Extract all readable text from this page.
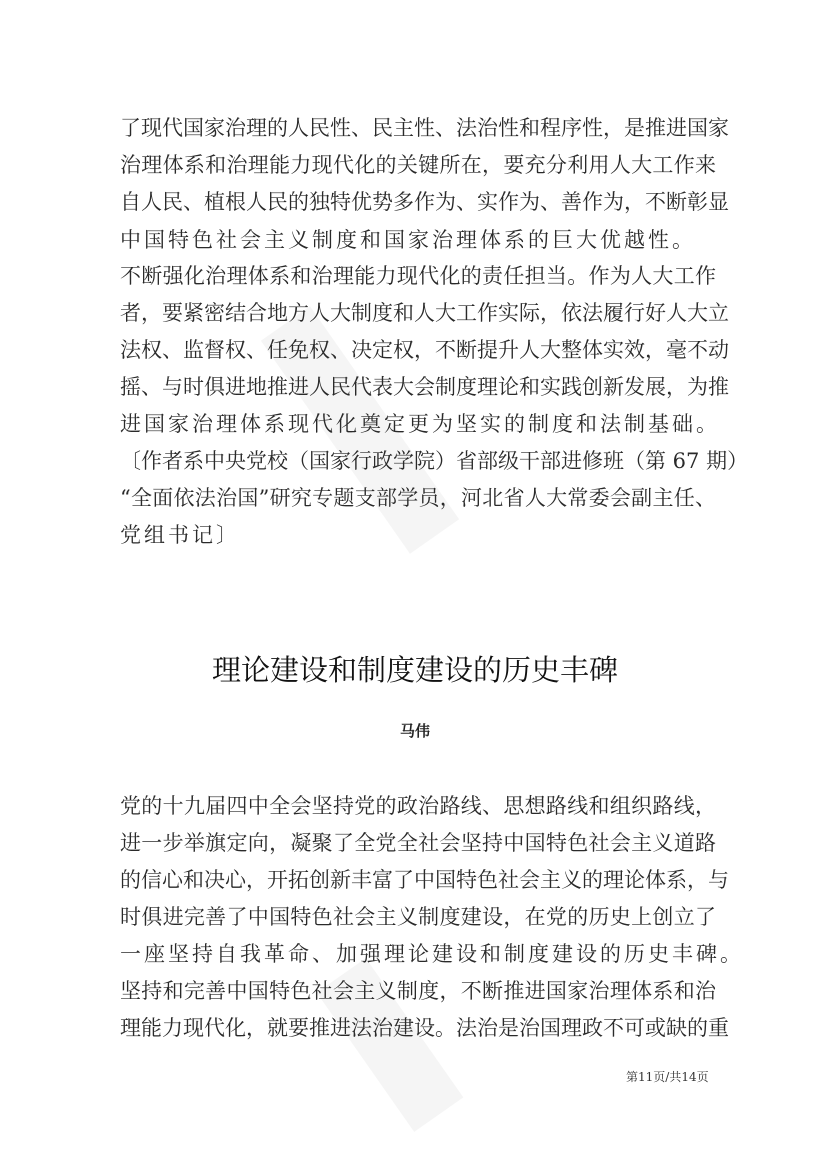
了现代国家治理的人民性、民主性、法治性和程序性，是推进国家
治理体系和治理能力现代化的关键所在，要充分利用人大工作来
自人民、植根人民的独特优势多作为、实作为、善作为，不断彰显
中国特色社会主义制度和国家治理体系的巨大优越性。
不断强化治理体系和治理能力现代化的责任担当。作为人大工作
者，要紧密结合地方人大制度和人大工作实际，依法履行好人大立
法权、监督权、任免权、决定权，不断提升人大整体实效，毫不动
摇、与时俱进地推进人民代表大会制度理论和实践创新发展，为推
进国家治理体系现代化奠定更为坚实的制度和法制基础。
〔作者系中央党校（国家行政学院）省部级干部进修班（第 67 期）
“全面依法治国”研究专题支部学员，河北省人大常委会副主任、
党组书记〕
理论建设和制度建设的历史丰碑
马伟
党的十九届四中全会坚持党的政治路线、思想路线和组织路线，
进一步举旗定向，凝聚了全党全社会坚持中国特色社会主义道路
的信心和决心，开拓创新丰富了中国特色社会主义的理论体系，与
时俱进完善了中国特色社会主义制度建设，在党的历史上创立了
一座坚持自我革命、加强理论建设和制度建设的历史丰碑。
坚持和完善中国特色社会主义制度，不断推进国家治理体系和治
理能力现代化，就要推进法治建设。法治是治国理政不可或缺的重
第11页/共14页
